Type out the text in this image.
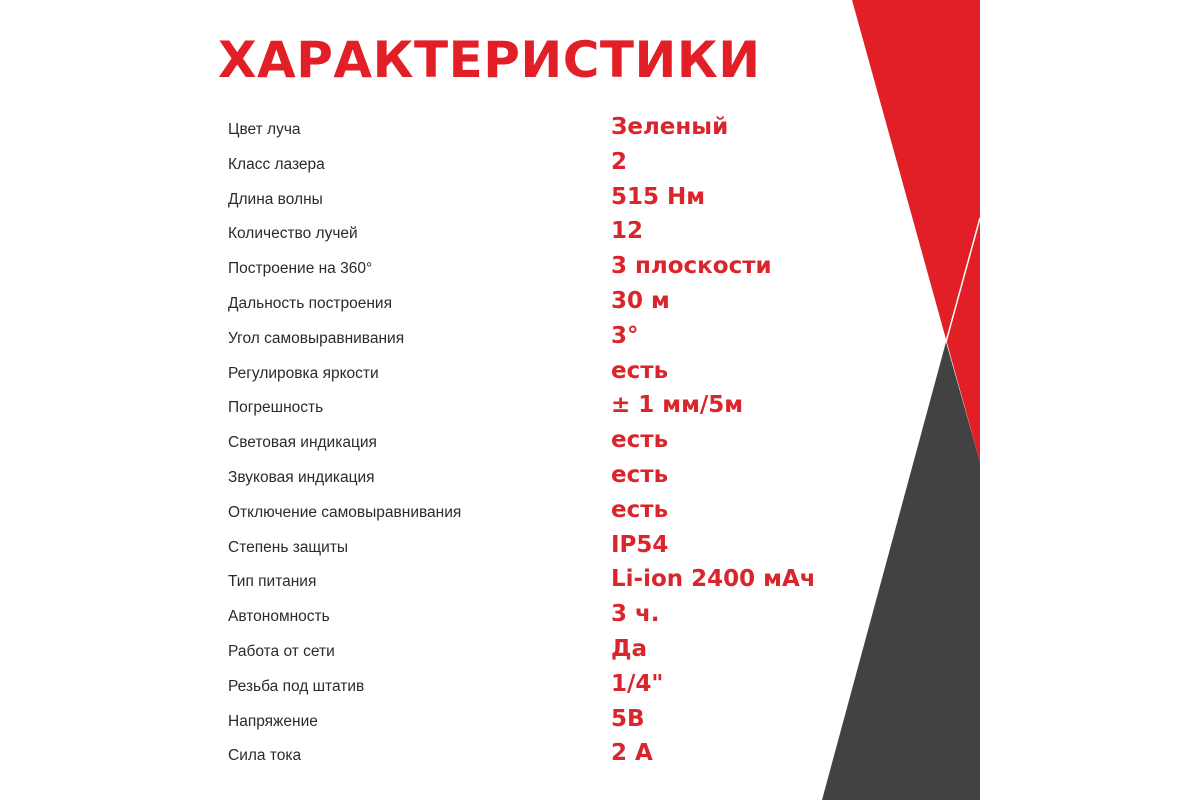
ХАРАКТЕРИСТИКИ
Цвет луча	Зеленый
Класс лазера	2
Длина волны	515 Нм
Количество лучей	12
Построение на 360°	3 плоскости
Дальность построения	30 м
Угол самовыравнивания	3°
Регулировка яркости	есть
Погрешность	± 1 мм/5м
Световая индикация	есть
Звуковая индикация	есть
Отключение самовыравнивания	есть
Степень защиты	IP54
Тип питания	Li-ion 2400 мАч
Автономность	3 ч.
Работа от сети	Да
Резьба под штатив	1/4"
Напряжение	5В
Сила тока	2 А
